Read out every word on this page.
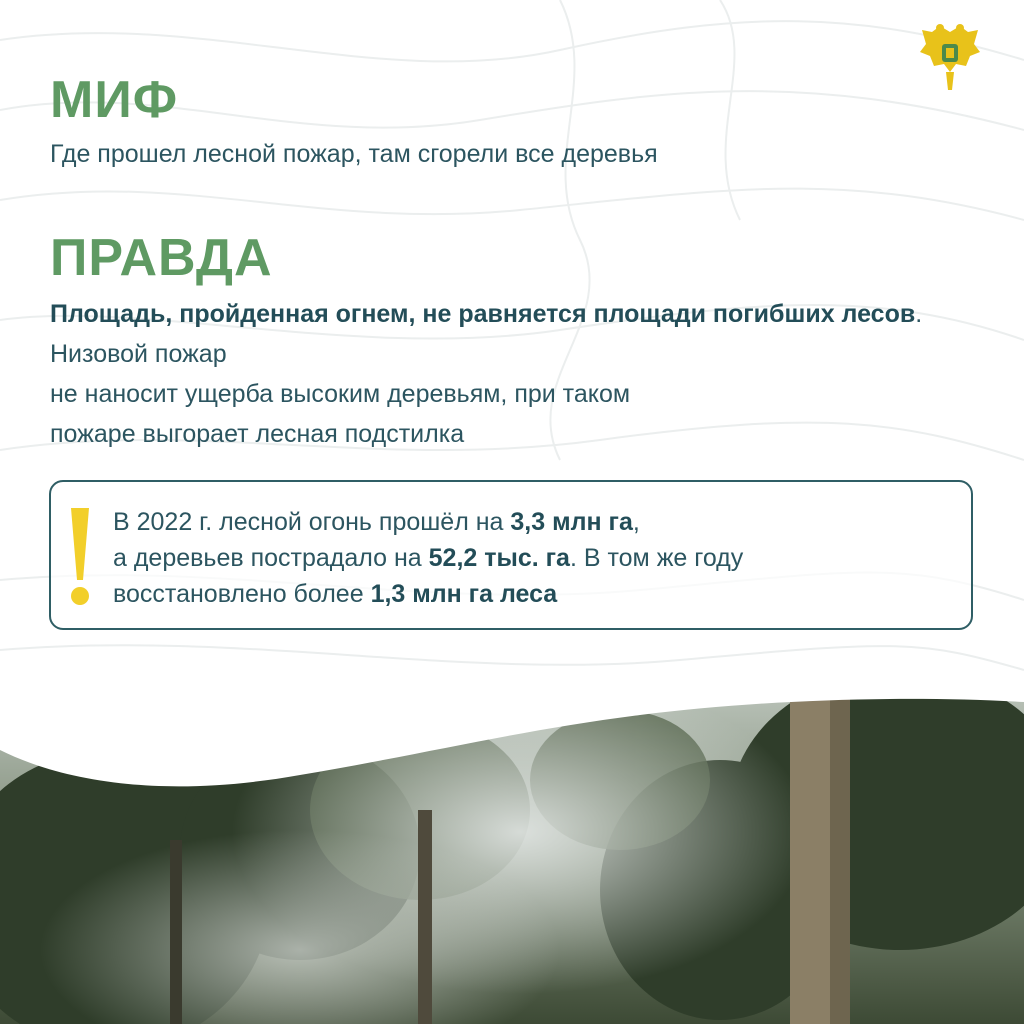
МИФ
Где прошел лесной пожар, там сгорели все деревья
ПРАВДА
Площадь, пройденная огнем, не равняется площади погибших лесов. Низовой пожар
не наносит ущерба высоким деревьям, при таком
пожаре выгорает лесная подстилка
В 2022 г. лесной огонь прошёл на 3,3 млн га,
а деревьев пострадало на 52,2 тыс. га. В том же году
восстановлено более 1,3 млн га леса
